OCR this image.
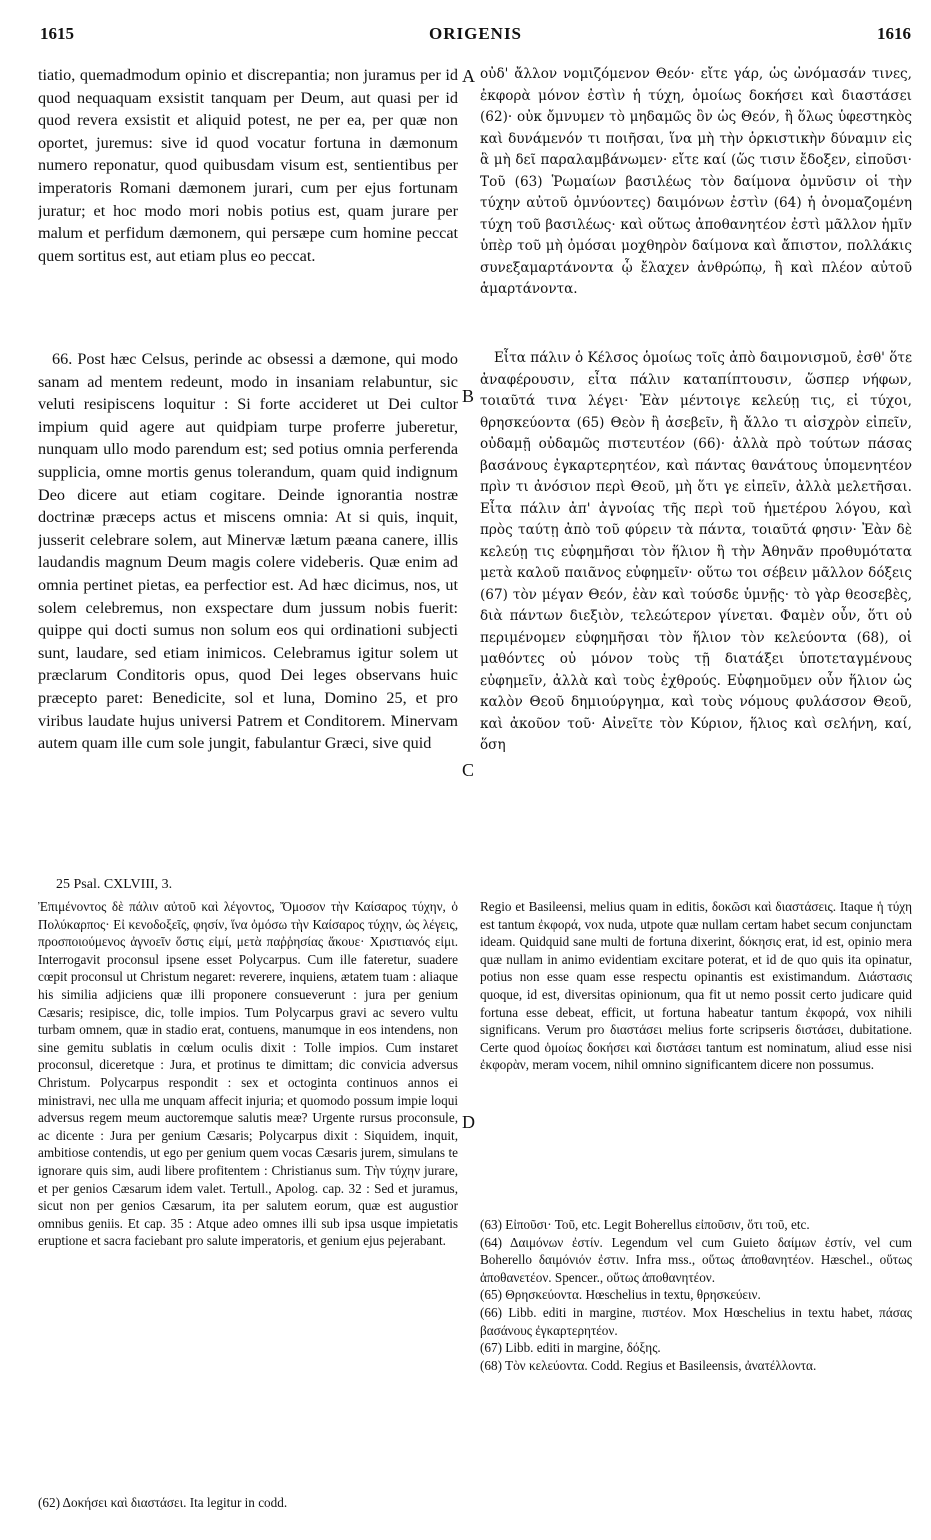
1615	ORIGENIS	1616
A
B
C
D

tiatio, quemadmodum opinio et discrepantia; non juramus per id quod nequaquam exsistit tanquam per Deum, aut quasi per id quod revera exsistit et aliquid potest, ne per ea, per quæ non oportet, juremus: sive id quod vocatur fortuna in dæmonum numero reponatur, quod quibusdam visum est, sentientibus per imperatoris Romani dæmonem jurari, cum per ejus fortunam juratur; et hoc modo mori nobis potius est, quam jurare per malum et perfidum dæmonem, qui persæpe cum homine peccat quem sortitus est, aut etiam plus eo peccat.

66. Post hæc Celsus, perinde ac obsessi a dæmone, qui modo sanam ad mentem redeunt, modo in insaniam relabuntur, sic veluti resipiscens loquitur : Si forte accideret ut Dei cultor impium quid agere aut quidpiam turpe proferre juberetur, nunquam ullo modo parendum est; sed potius omnia perferenda supplicia, omne mortis genus tolerandum, quam quid indignum Deo dicere aut etiam cogitare. Deinde ignorantia nostræ doctrinæ præceps actus et miscens omnia: At si quis, inquit, jusserit celebrare solem, aut Minervæ lætum pæana canere, illis laudandis magnum Deum magis colere videberis. Quæ enim ad omnia pertinet pietas, ea perfectior est. Ad hæc dicimus, nos, ut solem celebremus, non exspectare dum jussum nobis fuerit: quippe qui docti sumus non solum eos qui ordinationi subjecti sunt, laudare, sed etiam inimicos. Celebramus igitur solem ut præclarum Conditoris opus, quod Dei leges observans huic præcepto paret: Benedicite, sol et luna, Domino 25, et pro viribus laudate hujus universi Patrem et Conditorem. Minervam autem quam ille cum sole jungit, fabulantur Græci, sive quid

25 Psal. CXLVIII, 3.

Ἐπιμένοντος δὲ πάλιν αὐτοῦ καὶ λέγοντος, Ὄμοσον τὴν Καίσαρος τύχην, ὁ Πολύκαρπος· Εἰ κενοδοξεῖς, φησίν, ἵνα ὀμόσω τὴν Καίσαρος τύχην, ὡς λέγεις, προσποιούμενος ἀγνοεῖν ὅστις εἰμί, μετὰ παῤῥησίας ἄκουε· Χριστιανός εἰμι. Interrogavit proconsul ipsene esset Polycarpus. Cum ille fateretur, suadere cœpit proconsul ut Christum negaret: reverere, inquiens, ætatem tuam : aliaque his similia adjiciens quæ illi proponere consueverunt : jura per genium Cæsaris; resipisce, dic, tolle impios. Tum Polycarpus gravi ac severo vultu turbam omnem, quæ in stadio erat, contuens, manumque in eos intendens, non sine gemitu sublatis in cœlum oculis dixit : Tolle impios. Cum instaret proconsul, diceretque : Jura, et protinus te dimittam; dic convicia adversus Christum. Polycarpus respondit : sex et octoginta continuos annos ei ministravi, nec ulla me unquam affecit injuria; et quomodo possum impie loqui adversus regem meum auctoremque salutis meæ? Urgente rursus proconsule, ac dicente : Jura per genium Cæsaris; Polycarpus dixit : Siquidem, inquit, ambitiose contendis, ut ego per genium quem vocas Cæsaris jurem, simulans te ignorare quis sim, audi libere profitentem : Christianus sum. Τὴν τύχην jurare, et per genios Cæsarum idem valet. Tertull., Apolog. cap. 32 : Sed et juramus, sicut non per genios Cæsarum, ita per salutem eorum, quæ est augustior omnibus geniis. Et cap. 35 : Atque adeo omnes illi sub ipsa usque impietatis eruptione et sacra faciebant pro salute imperatoris, et genium ejus pejerabant.

(62) Δοκήσει καὶ διαστάσει. Ita legitur in codd.

οὐδ' ἄλλον νομιζόμενον Θεόν· εἴτε γάρ, ὡς ὠνόμασάν τινες, ἐκφορὰ μόνον ἐστὶν ἡ τύχη, ὁμοίως δοκήσει καὶ διαστάσει (62)· οὐκ ὄμνυμεν τὸ μηδαμῶς ὂν ὡς Θεόν, ἢ ὅλως ὑφεστηκὸς καὶ δυνάμενόν τι ποιῆσαι, ἵνα μὴ τὴν ὁρκιστικὴν δύναμιν εἰς ἃ μὴ δεῖ παραλαμβάνωμεν· εἴτε καί (ὥς τισιν ἔδοξεν, εἰποῦσι· Τοῦ (63) Ῥωμαίων βασιλέως τὸν δαίμονα ὀμνῦσιν οἱ τὴν τύχην αὐτοῦ ὀμνύοντες) δαιμόνων ἐστὶν (64) ἡ ὀνομαζομένη τύχη τοῦ βασιλέως· καὶ οὕτως ἀποθανητέον ἐστὶ μᾶλλον ἡμῖν ὑπὲρ τοῦ μὴ ὀμόσαι μοχθηρὸν δαίμονα καὶ ἄπιστον, πολλάκις συνεξαμαρτάνοντα ᾧ ἔλαχεν ἀνθρώπῳ, ἢ καὶ πλέον αὐτοῦ ἁμαρτάνοντα.

Εἶτα πάλιν ὁ Κέλσος ὁμοίως τοῖς ἀπὸ δαιμονισμοῦ, ἐσθ' ὅτε ἀναφέρουσιν, εἶτα πάλιν καταπίπτουσιν, ὥσπερ νήφων, τοιαῦτά τινα λέγει· Ἐὰν μέντοιγε κελεύῃ τις, εἰ τύχοι, θρησκεύοντα (65) Θεὸν ἢ ἀσεβεῖν, ἢ ἄλλο τι αἰσχρὸν εἰπεῖν, οὐδαμῇ οὐδαμῶς πιστευτέον (66)· ἀλλὰ πρὸ τούτων πάσας βασάνους ἐγκαρτερητέον, καὶ πάντας θανάτους ὑπομενητέον πρὶν τι ἀνόσιον περὶ Θεοῦ, μὴ ὅτι γε εἰπεῖν, ἀλλὰ μελετῆσαι. Εἶτα πάλιν ἀπ' ἀγνοίας τῆς περὶ τοῦ ἡμετέρου λόγου, καὶ πρὸς ταύτῃ ἀπὸ τοῦ φύρειν τὰ πάντα, τοιαῦτά φησιν· Ἐὰν δὲ κελεύῃ τις εὐφημῆσαι τὸν ἥλιον ἢ τὴν Ἀθηνᾶν προθυμότατα μετὰ καλοῦ παιᾶνος εὐφημεῖν· οὕτω τοι σέβειν μᾶλλον δόξεις (67) τὸν μέγαν Θεόν, ἐὰν καὶ τούσδε ὑμνῇς· τὸ γὰρ θεοσεβὲς, διὰ πάντων διεξιὸν, τελεώτερον γίνεται. Φαμὲν οὖν, ὅτι οὐ περιμένομεν εὐφημῆσαι τὸν ἥλιον τὸν κελεύοντα (68), οἱ μαθόντες οὐ μόνον τοὺς τῇ διατάξει ὑποτεταγμένους εὐφημεῖν, ἀλλὰ καὶ τοὺς ἐχθρούς. Εὐφημοῦμεν οὖν ἥλιον ὡς καλὸν Θεοῦ δημιούργημα, καὶ τοὺς νόμους φυλάσσον Θεοῦ, καὶ ἀκοῦον τοῦ· Αἰνεῖτε τὸν Κύριον, ἥλιος καὶ σελήνη, καί, ὅση

Regio et Basileensi, melius quam in editis, δοκῶσι καὶ διαστάσεις. Itaque ἡ τύχη est tantum ἐκφορά, vox nuda, utpote quæ nullam certam habet secum conjunctam ideam. Quidquid sane multi de fortuna dixerint, δόκησις erat, id est, opinio mera quæ nullam in animo evidentiam excitare poterat, et id de quo quis ita opinatur, potius non esse quam esse respectu opinantis est existimandum. Διάστασις quoque, id est, diversitas opinionum, qua fit ut nemo possit certo judicare quid fortuna esse debeat, efficit, ut fortuna habeatur tantum ἐκφορά, vox nihili significans. Verum pro διαστάσει melius forte scripseris διστάσει, dubitatione. Certe quod ὁμοίως δοκήσει καὶ διστάσει tantum est nominatum, aliud esse nisi ἐκφορὰν, meram vocem, nihil omnino significantem dicere non possumus.

(63) Εἰποῦσι· Τοῦ, etc. Legit Boherellus εἰποῦσιν, ὅτι τοῦ, etc.

(64) Δαιμόνων ἐστίν. Legendum vel cum Guieto δαίμων ἐστίν, vel cum Boherello δαιμόνιόν ἐστιν. Infra mss., οὕτως ἀποθανητέον. Hæschel., οὕτως ἀποθανετέον. Spencer., οὕτως ἀποθανητέον.

(65) Θρησκεύοντα. Hœschelius in textu, θρησκεύειν.

(66) Libb. editi in margine, πιστέον. Mox Hœschelius in textu habet, πάσας βασάνους ἐγκαρτερητέον.

(67) Libb. editi in margine, δόξης.

(68) Τὸν κελεύοντα. Codd. Regius et Basileensis, ἀνατέλλοντα.
